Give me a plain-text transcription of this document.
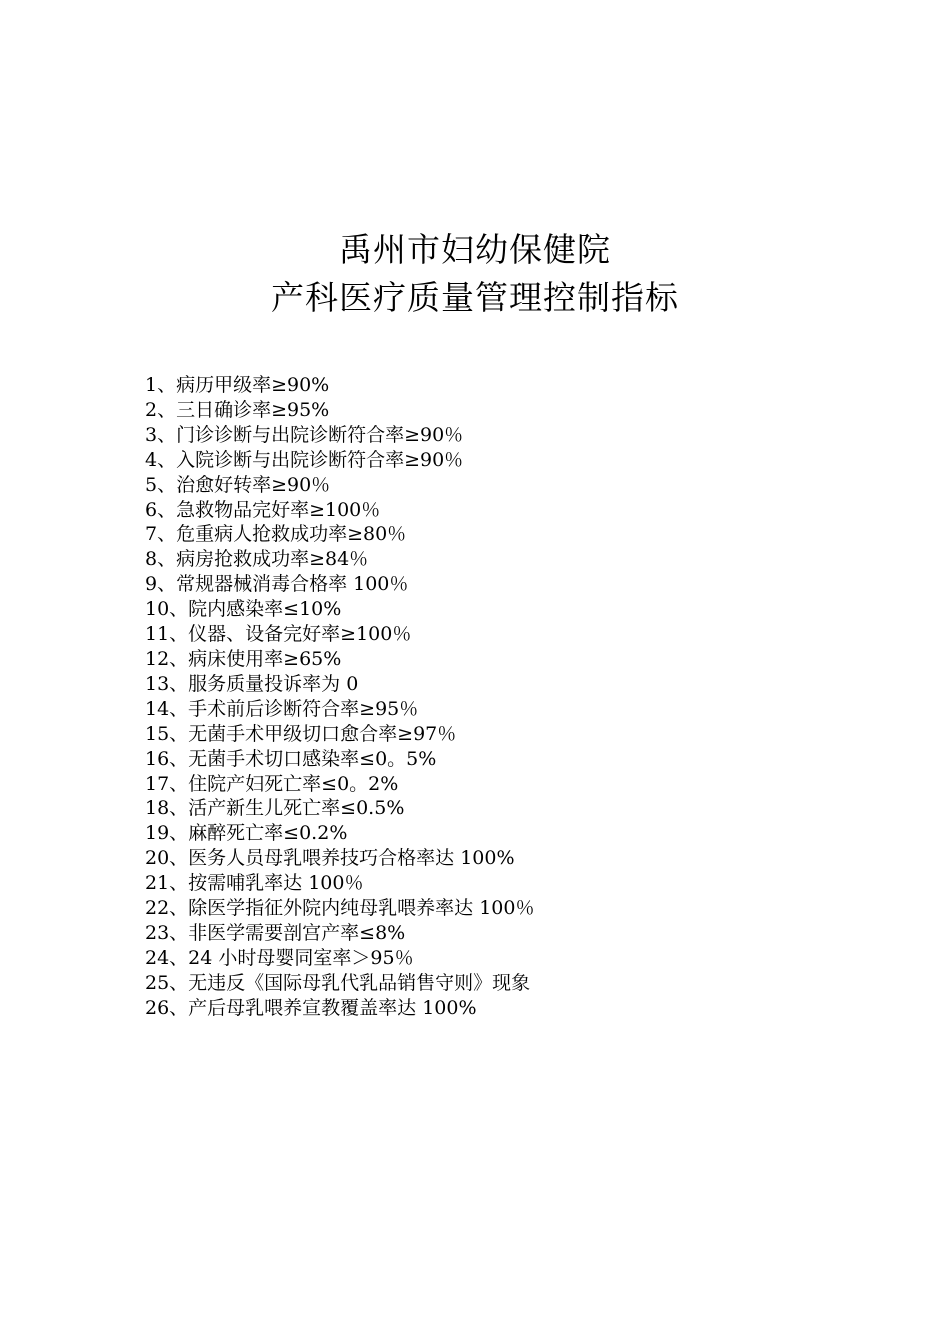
禹州市妇幼保健院
产科医疗质量管理控制指标
1、病历甲级率≥90%
2、三日确诊率≥95%
3、门诊诊断与出院诊断符合率≥90％
4、入院诊断与出院诊断符合率≥90％
5、治愈好转率≥90％
6、急救物品完好率≥100％
7、危重病人抢救成功率≥80％
8、病房抢救成功率≥84％
9、常规器械消毒合格率 100％
10、院内感染率≤10%
11、仪器、设备完好率≥100％
12、病床使用率≥65%
13、服务质量投诉率为 0
14、手术前后诊断符合率≥95％
15、无菌手术甲级切口愈合率≥97％
16、无菌手术切口感染率≤0。5%
17、住院产妇死亡率≤0。2%
18、活产新生儿死亡率≤0.5%
19、麻醉死亡率≤0.2%
20、医务人员母乳喂养技巧合格率达 100%
21、按需哺乳率达 100％
22、除医学指征外院内纯母乳喂养率达 100％
23、非医学需要剖宫产率≤8%
24、24 小时母婴同室率＞95％
25、无违反《国际母乳代乳品销售守则》现象
26、产后母乳喂养宣教覆盖率达 100%
